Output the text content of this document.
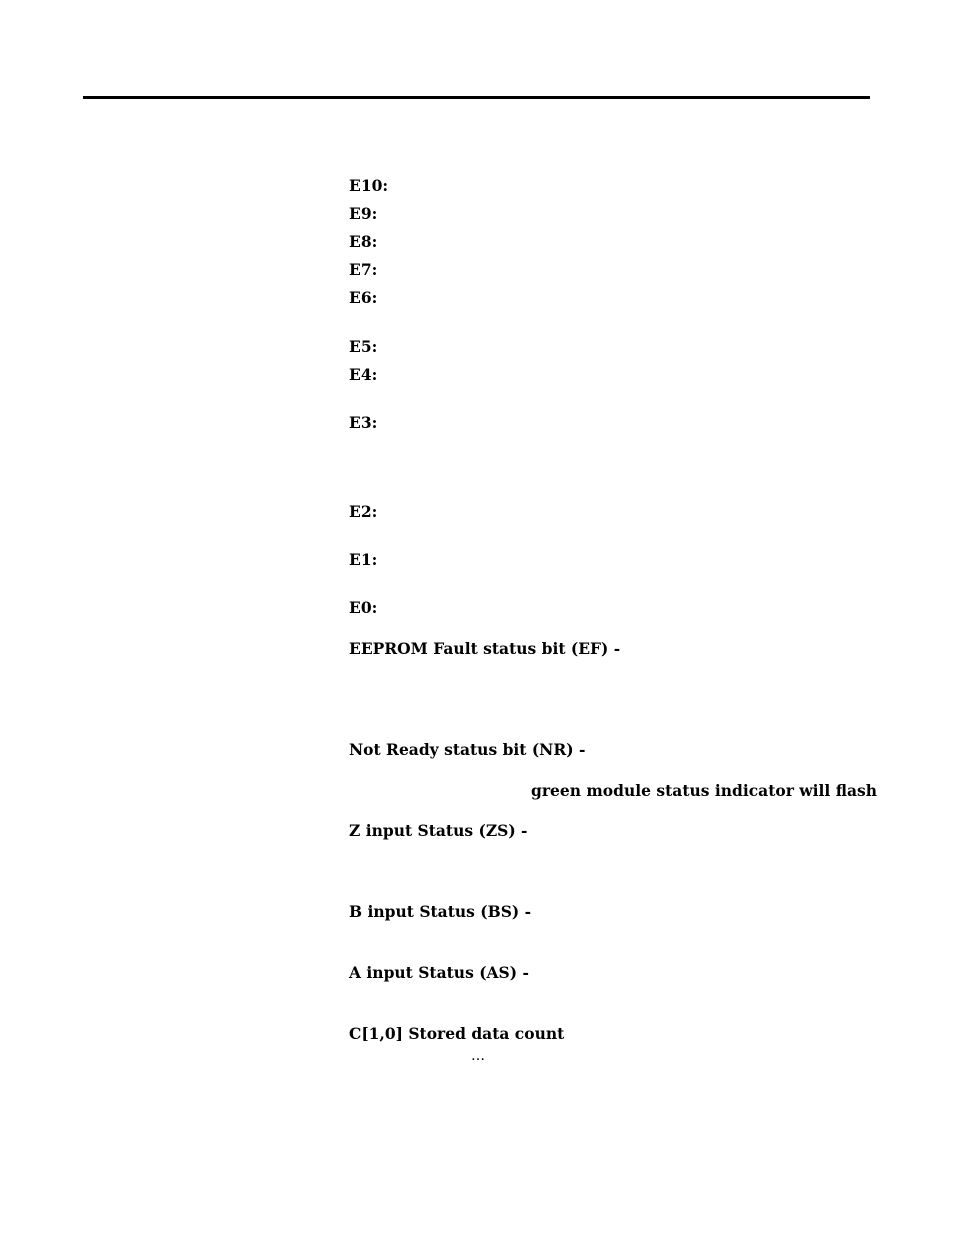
E10:
E9:
E8:
E7:
E6:
E5:
E4:
E3:
E2:
E1:
E0:
EEPROM Fault status bit (EF) -
Not Ready status bit (NR) -
green module status indicator will flash
Z input Status (ZS) -
B input Status (BS) -
A input Status (AS) -
C[1,0] Stored data count
…
